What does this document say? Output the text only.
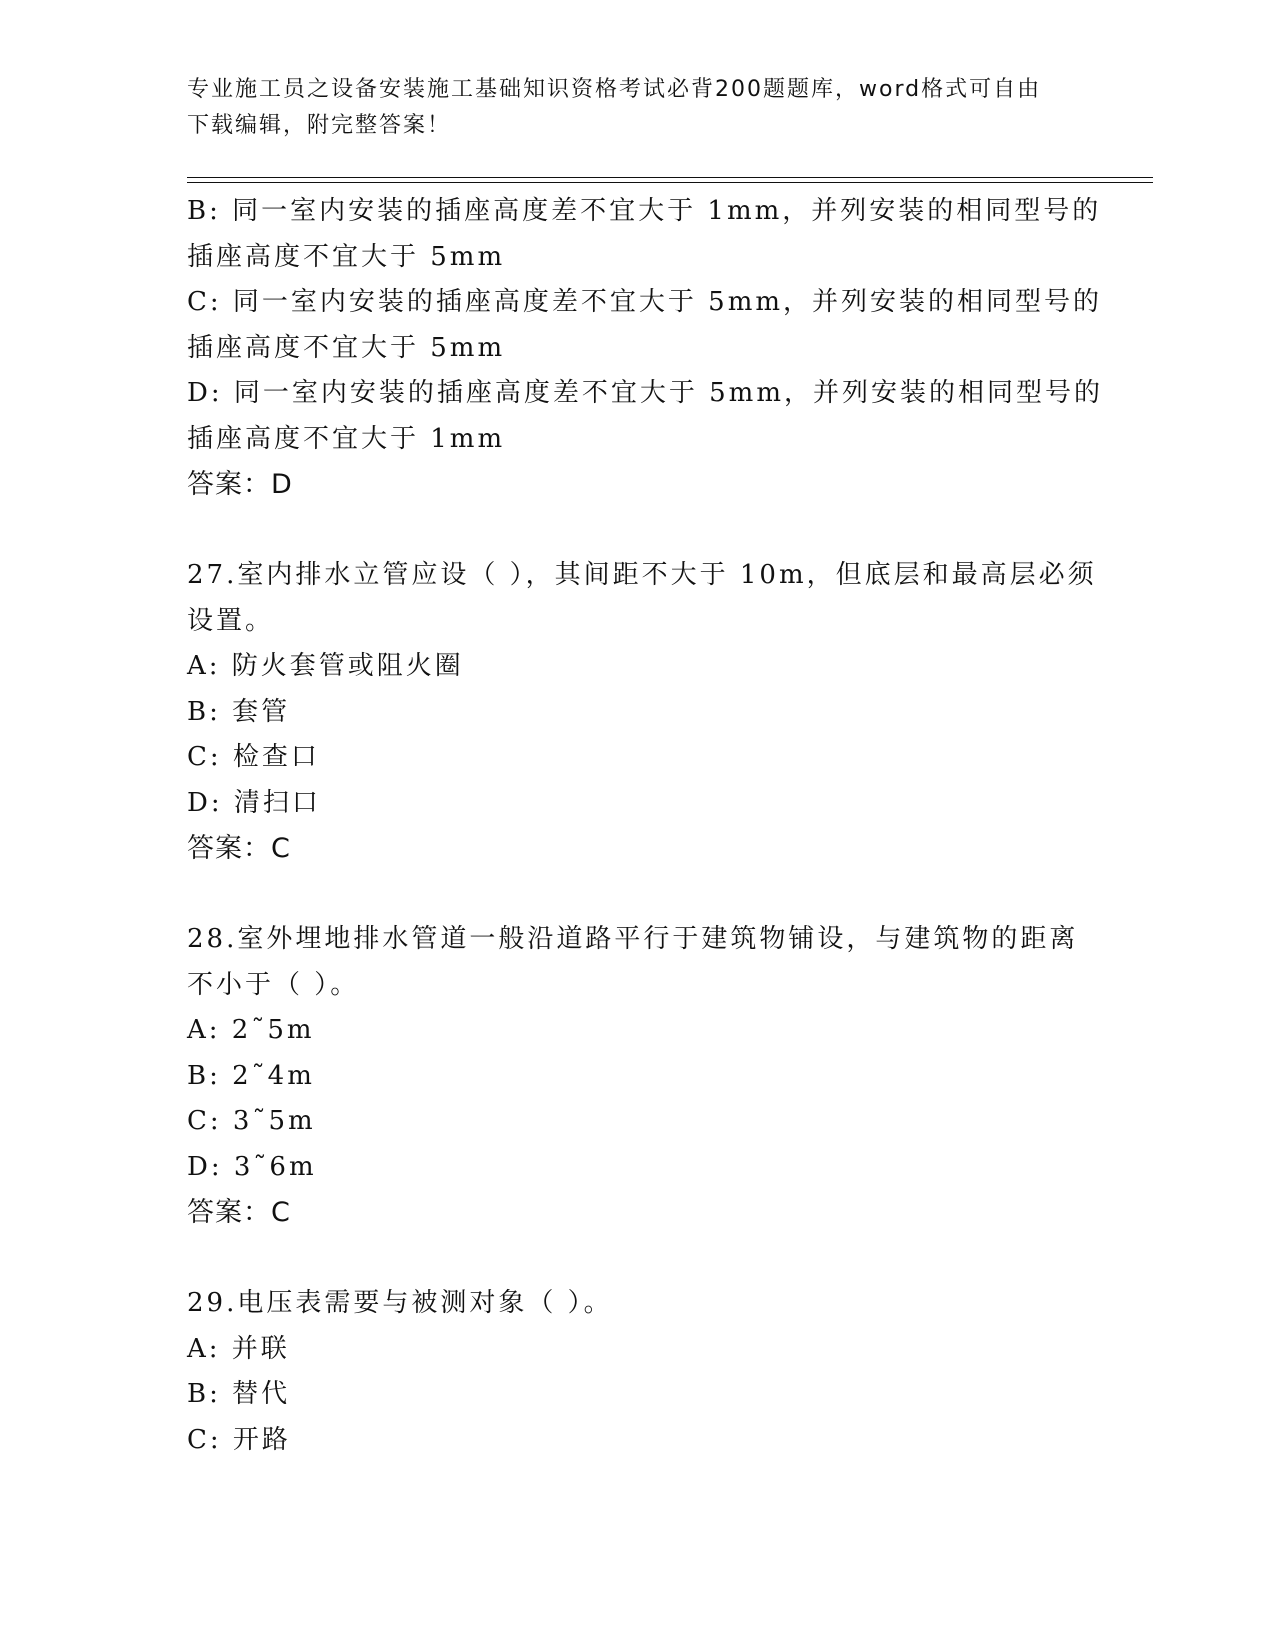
专业施工员之设备安装施工基础知识资格考试必背200题题库，word格式可自由
下载编辑，附完整答案！
B: 同一室内安装的插座高度差不宜大于 1mm，并列安装的相同型号的
插座高度不宜大于 5mm
C: 同一室内安装的插座高度差不宜大于 5mm，并列安装的相同型号的
插座高度不宜大于 5mm
D: 同一室内安装的插座高度差不宜大于 5mm，并列安装的相同型号的
插座高度不宜大于 1mm
答案：D
27.室内排水立管应设（ ），其间距不大于 10m，但底层和最高层必须
设置。
A: 防火套管或阻火圈
B: 套管
C: 检查口
D: 清扫口
答案：C
28.室外埋地排水管道一般沿道路平行于建筑物铺设，与建筑物的距离
不小于（ ）。
A: 2˜5m
B: 2˜4m
C: 3˜5m
D: 3˜6m
答案：C
29.电压表需要与被测对象（ ）。
A: 并联
B: 替代
C: 开路
